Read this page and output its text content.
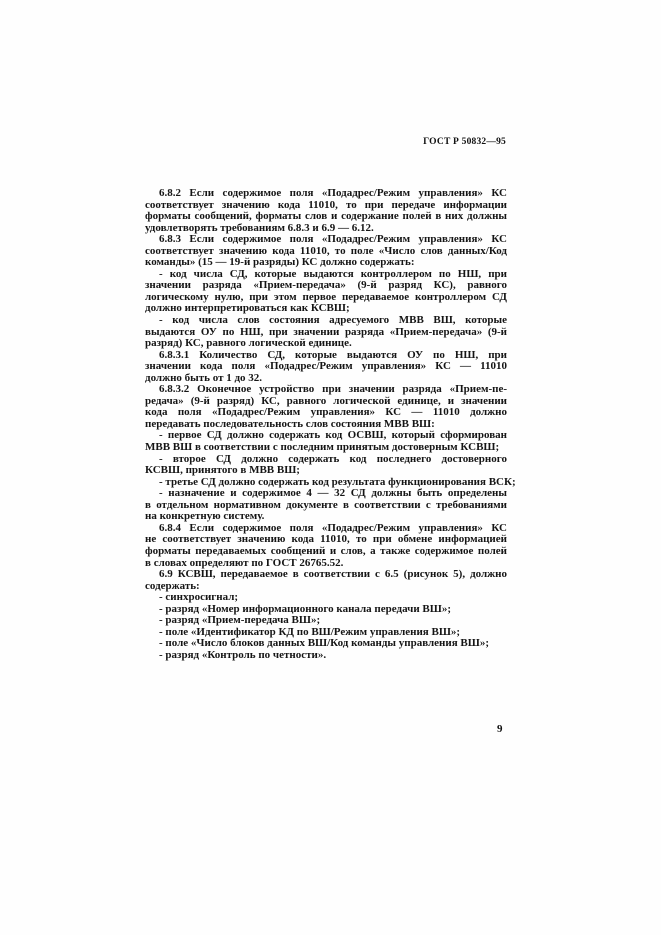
ГОСТ Р 50832—95
6.8.2 Если содержимое поля «Подадрес/Режим управления» КС
соответствует значению кода 11010, то при передаче информации
форматы сообщений, форматы слов и содержание полей в них должны
удовлетворять требованиям 6.8.3 и 6.9 — 6.12.
6.8.3 Если содержимое поля «Подадрес/Режим управления» КС
соответствует значению кода 11010, то поле «Число слов данных/Код
команды» (15 — 19-й разряды) КС должно содержать:
- код числа СД, которые выдаются контроллером по НШ, при
значении разряда «Прием-передача» (9-й разряд КС), равного
логическому нулю, при этом первое передаваемое контроллером СД
должно интерпретироваться как КСВШ;
- код числа слов состояния адресуемого МВВ ВШ, которые
выдаются ОУ по НШ, при значении разряда «Прием-передача» (9-й
разряд) КС, равного логической единице.
6.8.3.1 Количество СД, которые выдаются ОУ по НШ, при
значении кода поля «Подадрес/Режим управления» КС — 11010
должно быть от 1 до 32.
6.8.3.2 Оконечное устройство при значении разряда «Прием-пе-
редача» (9-й разряд) КС, равного логической единице, и значении
кода поля «Подадрес/Режим управления» КС — 11010 должно
передавать последовательность слов состояния МВВ ВШ:
- первое СД должно содержать код ОСВШ, который сформирован
МВВ ВШ в соответствии с последним принятым достоверным КСВШ;
- второе СД должно содержать код последнего достоверного
КСВШ, принятого в МВВ ВШ;
- третье СД должно содержать код результата функционирования ВСК;
- назначение и содержимое 4 — 32 СД должны быть определены
в отдельном нормативном документе в соответствии с требованиями
на конкретную систему.
6.8.4 Если содержимое поля «Подадрес/Режим управления» КС
не соответствует значению кода 11010, то при обмене информацией
форматы передаваемых сообщений и слов, а также содержимое полей
в словах определяют по ГОСТ 26765.52.
6.9 КСВШ, передаваемое в соответствии с 6.5 (рисунок 5), должно
содержать:
- синхросигнал;
- разряд «Номер информационного канала передачи ВШ»;
- разряд «Прием-передача ВШ»;
- поле «Идентификатор КД по ВШ/Режим управления ВШ»;
- поле «Число блоков данных ВШ/Код команды управления ВШ»;
- разряд «Контроль по четности».
9
